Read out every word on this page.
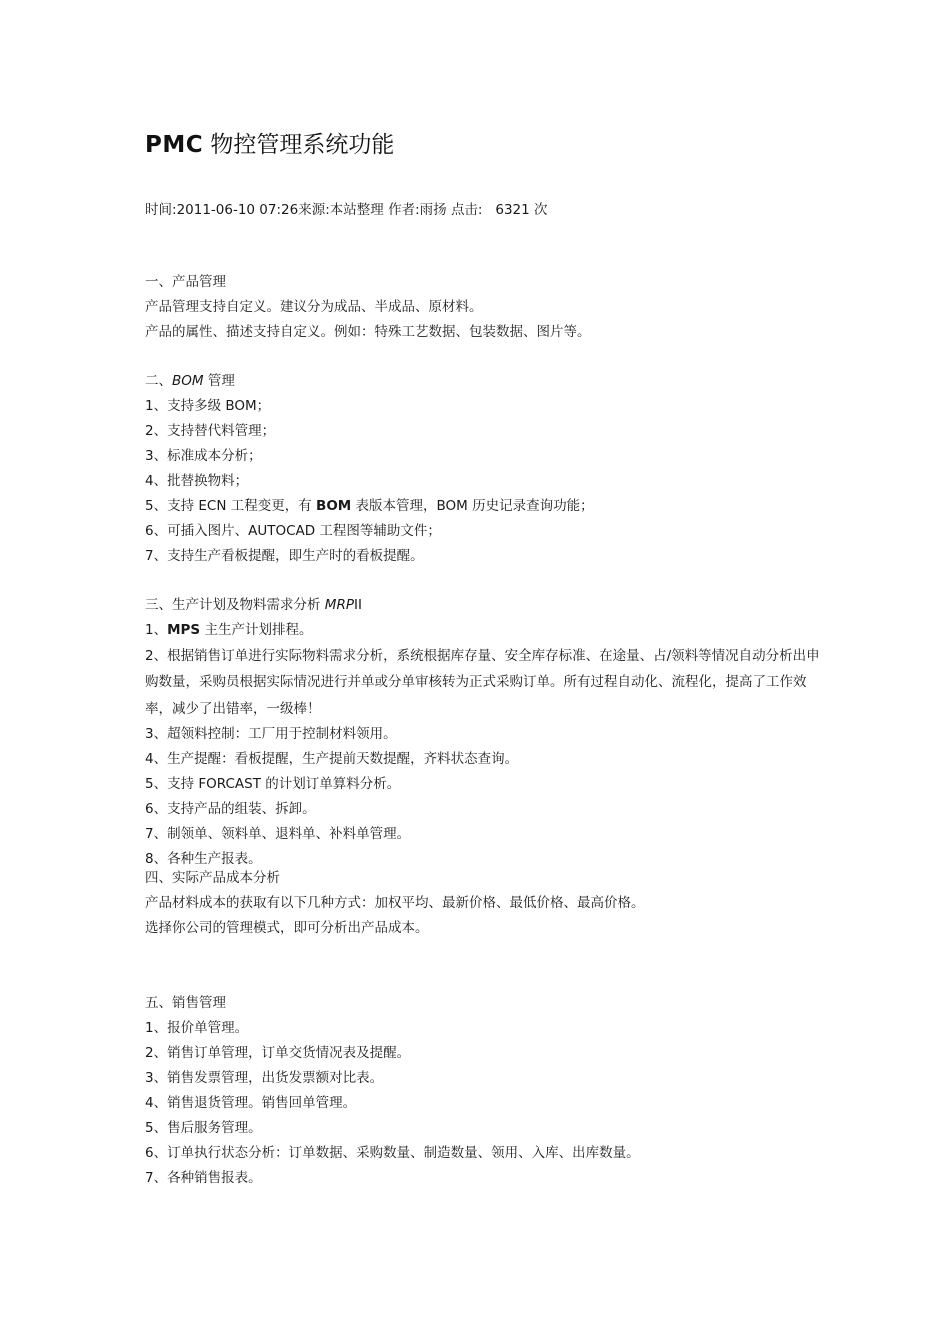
PMC 物控管理系统功能
时间:2011-06-10 07:26来源:本站整理 作者:雨扬 点击: 6321 次

一、产品管理

产品管理支持自定义。建议分为成品、半成品、原材料。

产品的属性、描述支持自定义。例如：特殊工艺数据、包装数据、图片等。

二、BOM 管理

1、支持多级 BOM；

2、支持替代料管理；

3、标准成本分析；

4、批替换物料；

5、支持 ECN 工程变更，有 BOM 表版本管理，BOM 历史记录查询功能；

6、可插入图片、AUTOCAD 工程图等辅助文件；

7、支持生产看板提醒，即生产时的看板提醒。

三、生产计划及物料需求分析 MRPII

1、MPS 主生产计划排程。

2、根据销售订单进行实际物料需求分析，系统根据库存量、安全库存标准、在途量、占/领料等情况自动分析出申购数量，采购员根据实际情况进行并单或分单审核转为正式采购订单。所有过程自动化、流程化，提高了工作效率，减少了出错率，一级棒！

3、超领料控制：工厂用于控制材料领用。

4、生产提醒：看板提醒，生产提前天数提醒，齐料状态查询。

5、支持 FORCAST 的计划订单算料分析。

6、支持产品的组装、拆卸。

7、制领单、领料单、退料单、补料单管理。

8、各种生产报表。

四、实际产品成本分析

产品材料成本的获取有以下几种方式：加权平均、最新价格、最低价格、最高价格。

选择你公司的管理模式，即可分析出产品成本。

五、销售管理

1、报价单管理。

2、销售订单管理，订单交货情况表及提醒。

3、销售发票管理，出货发票额对比表。

4、销售退货管理。销售回单管理。

5、售后服务管理。

6、订单执行状态分析：订单数据、采购数量、制造数量、领用、入库、出库数量。

7、各种销售报表。
